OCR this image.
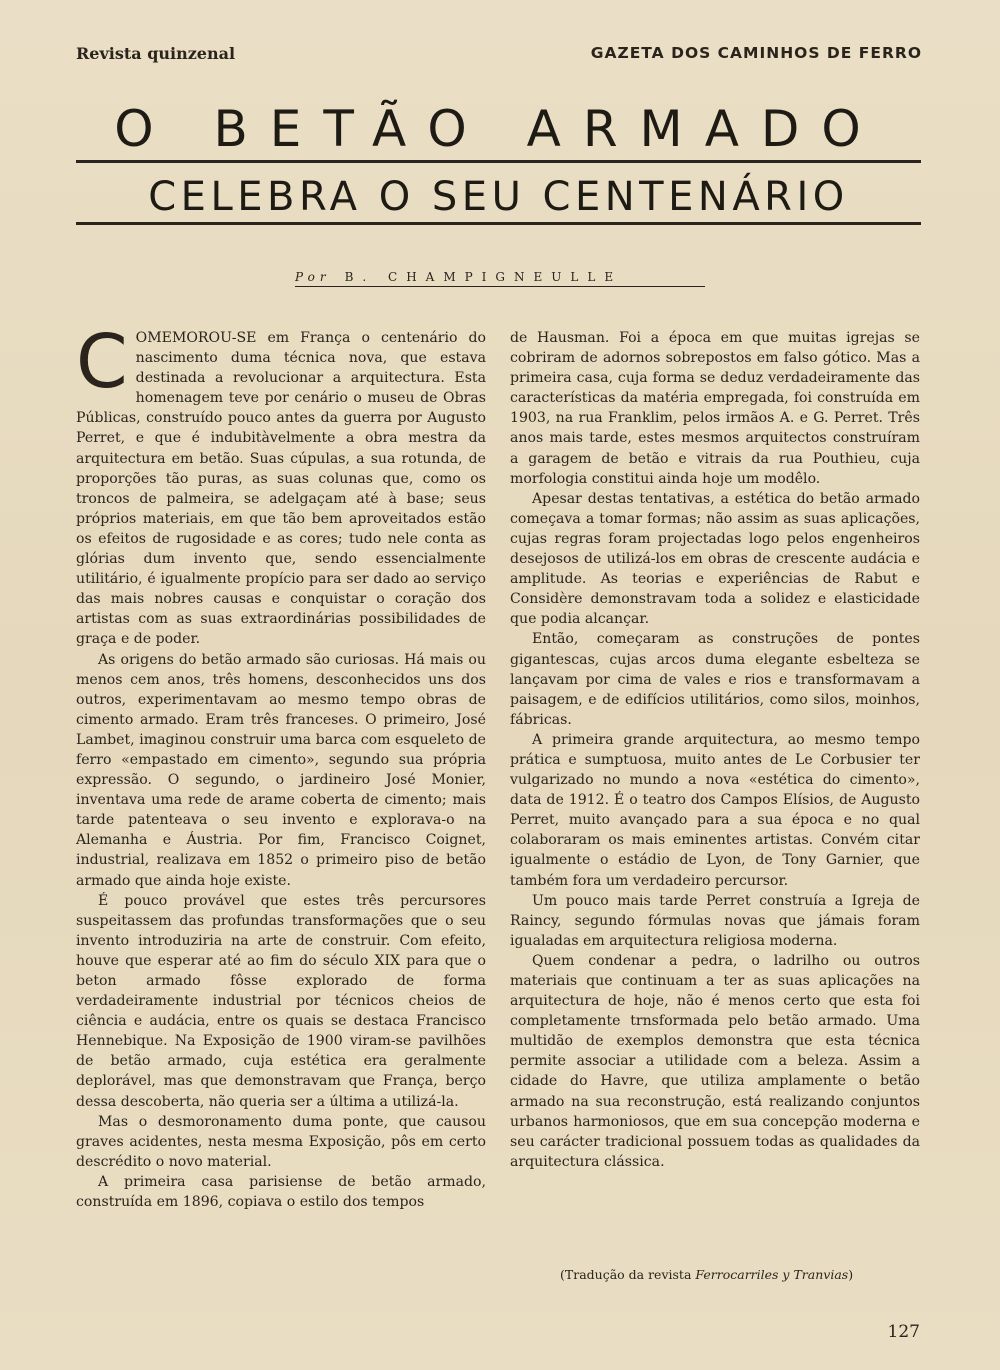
Revista quinzenal	GAZETA DOS CAMINHOS DE FERRO
O BETÃO ARMADO
CELEBRA O SEU CENTENÁRIO
Por B. CHAMPIGNEULLE

COMEMOROU-SE em França o centenário do nascimento duma técnica nova, que estava destinada a revolucionar a arquitectura. Esta homenagem teve por cenário o museu de Obras Públicas, construído pouco antes da guerra por Augusto Perret, e que é indubitàvelmente a obra mestra da arquitectura em betão. Suas cúpulas, a sua rotunda, de proporções tão puras, as suas colunas que, como os troncos de palmeira, se adelgaçam até à base; seus próprios materiais, em que tão bem aproveitados estão os efeitos de rugosidade e as cores; tudo nele conta as glórias dum invento que, sendo essencialmente utilitário, é igualmente propício para ser dado ao serviço das mais nobres causas e conquistar o coração dos artistas com as suas extraordinárias possibilidades de graça e de poder.

As origens do betão armado são curiosas. Há mais ou menos cem anos, três homens, desconhecidos uns dos outros, experimentavam ao mesmo tempo obras de cimento armado. Eram três franceses. O primeiro, José Lambet, imaginou construir uma barca com esqueleto de ferro «empastado em cimento», segundo sua própria expressão. O segundo, o jardineiro José Monier, inventava uma rede de arame coberta de cimento; mais tarde patenteava o seu invento e explorava-o na Alemanha e Áustria. Por fim, Francisco Coignet, industrial, realizava em 1852 o primeiro piso de betão armado que ainda hoje existe.

É pouco provável que estes três percursores suspeitassem das profundas transformações que o seu invento introduziria na arte de construir. Com efeito, houve que esperar até ao fim do século XIX para que o beton armado fôsse explorado de forma verdadeiramente industrial por técnicos cheios de ciência e audácia, entre os quais se destaca Francisco Hennebique. Na Exposição de 1900 viram-se pavilhões de betão armado, cuja estética era geralmente deplorável, mas que demonstravam que França, berço dessa descoberta, não queria ser a última a utilizá-la.

Mas o desmoronamento duma ponte, que causou graves acidentes, nesta mesma Exposição, pôs em certo descrédito o novo material.

A primeira casa parisiense de betão armado, construída em 1896, copiava o estilo dos tempos

de Hausman. Foi a época em que muitas igrejas se cobriram de adornos sobrepostos em falso gótico. Mas a primeira casa, cuja forma se deduz verdadeiramente das características da matéria empregada, foi construída em 1903, na rua Franklim, pelos irmãos A. e G. Perret. Três anos mais tarde, estes mesmos arquitectos construíram a garagem de betão e vitrais da rua Pouthieu, cuja morfologia constitui ainda hoje um modêlo.

Apesar destas tentativas, a estética do betão armado começava a tomar formas; não assim as suas aplicações, cujas regras foram projectadas logo pelos engenheiros desejosos de utilizá-los em obras de crescente audácia e amplitude. As teorias e experiências de Rabut e Considère demonstravam toda a solidez e elasticidade que podia alcançar.

Então, começaram as construções de pontes gigantescas, cujas arcos duma elegante esbelteza se lançavam por cima de vales e rios e transformavam a paisagem, e de edifícios utilitários, como silos, moinhos, fábricas.

A primeira grande arquitectura, ao mesmo tempo prática e sumptuosa, muito antes de Le Corbusier ter vulgarizado no mundo a nova «estética do cimento», data de 1912. É o teatro dos Campos Elísios, de Augusto Perret, muito avançado para a sua época e no qual colaboraram os mais eminentes artistas. Convém citar igualmente o estádio de Lyon, de Tony Garnier, que também fora um verdadeiro percursor.

Um pouco mais tarde Perret construía a Igreja de Raincy, segundo fórmulas novas que jámais foram igualadas em arquitectura religiosa moderna.

Quem condenar a pedra, o ladrilho ou outros materiais que continuam a ter as suas aplicações na arquitectura de hoje, não é menos certo que esta foi completamente trnsformada pelo betão armado. Uma multidão de exemplos demonstra que esta técnica permite associar a utilidade com a beleza. Assim a cidade do Havre, que utiliza amplamente o betão armado na sua reconstrução, está realizando conjuntos urbanos harmoniosos, que em sua concepção moderna e seu carácter tradicional possuem todas as qualidades da arquitectura clássica.

(Tradução da revista Ferrocarriles y Tranvias)
127
